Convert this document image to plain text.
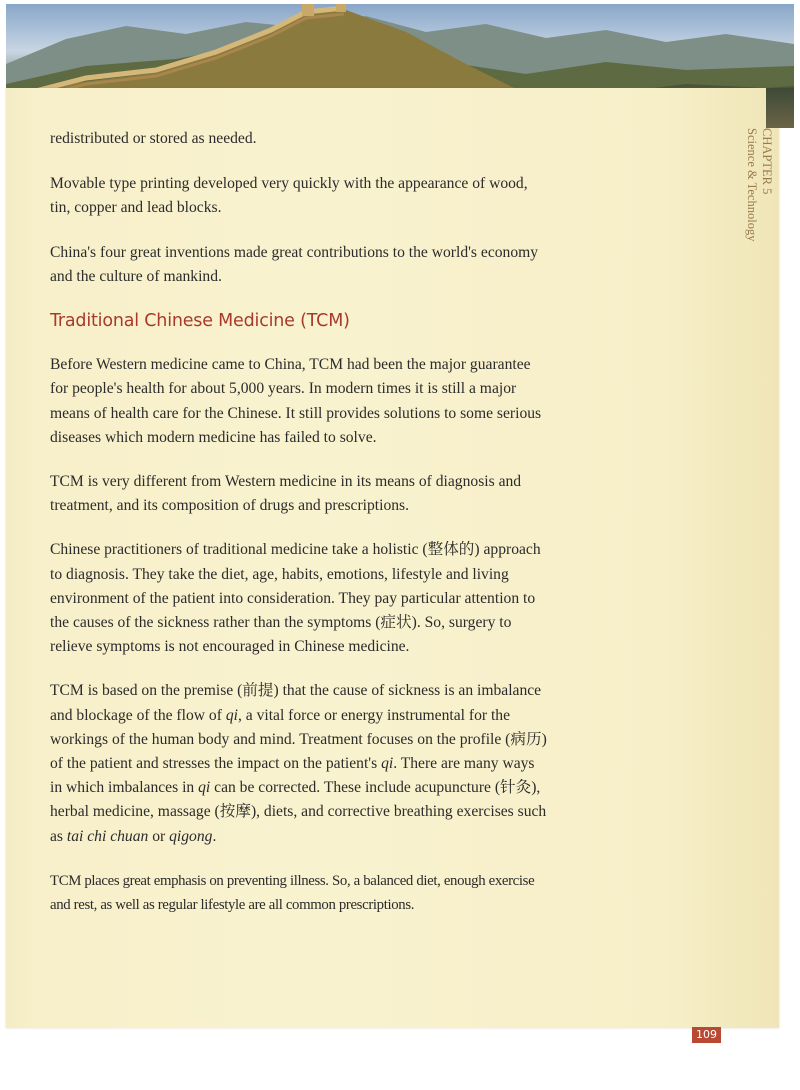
CHAPTER 5
Science & Technology

redistributed or stored as needed.

Movable type printing developed very quickly with the appearance of wood, tin, copper and lead blocks.

China's four great inventions made great contributions to the world's economy and the culture of mankind.

Traditional Chinese Medicine (TCM)

Before Western medicine came to China, TCM had been the major guarantee for people's health for about 5,000 years. In modern times it is still a major means of health care for the Chinese. It still provides solutions to some serious diseases which modern medicine has failed to solve.

TCM is very different from Western medicine in its means of diagnosis and treatment, and its composition of drugs and prescriptions.

Chinese practitioners of traditional medicine take a holistic (整体的) approach to diagnosis. They take the diet, age, habits, emotions, lifestyle and living environment of the patient into consideration. They pay particular attention to the causes of the sickness rather than the symptoms (症状). So, surgery to relieve symptoms is not encouraged in Chinese medicine.

TCM is based on the premise (前提) that the cause of sickness is an imbalance and blockage of the flow of qi, a vital force or energy instrumental for the workings of the human body and mind. Treatment focuses on the profile (病历) of the patient and stresses the impact on the patient's qi. There are many ways in which imbalances in qi can be corrected. These include acupuncture (针灸), herbal medicine, massage (按摩), diets, and corrective breathing exercises such as tai chi chuan or qigong.

TCM places great emphasis on preventing illness. So, a balanced diet, enough exercise and rest, as well as regular lifestyle are all common prescriptions.

109
